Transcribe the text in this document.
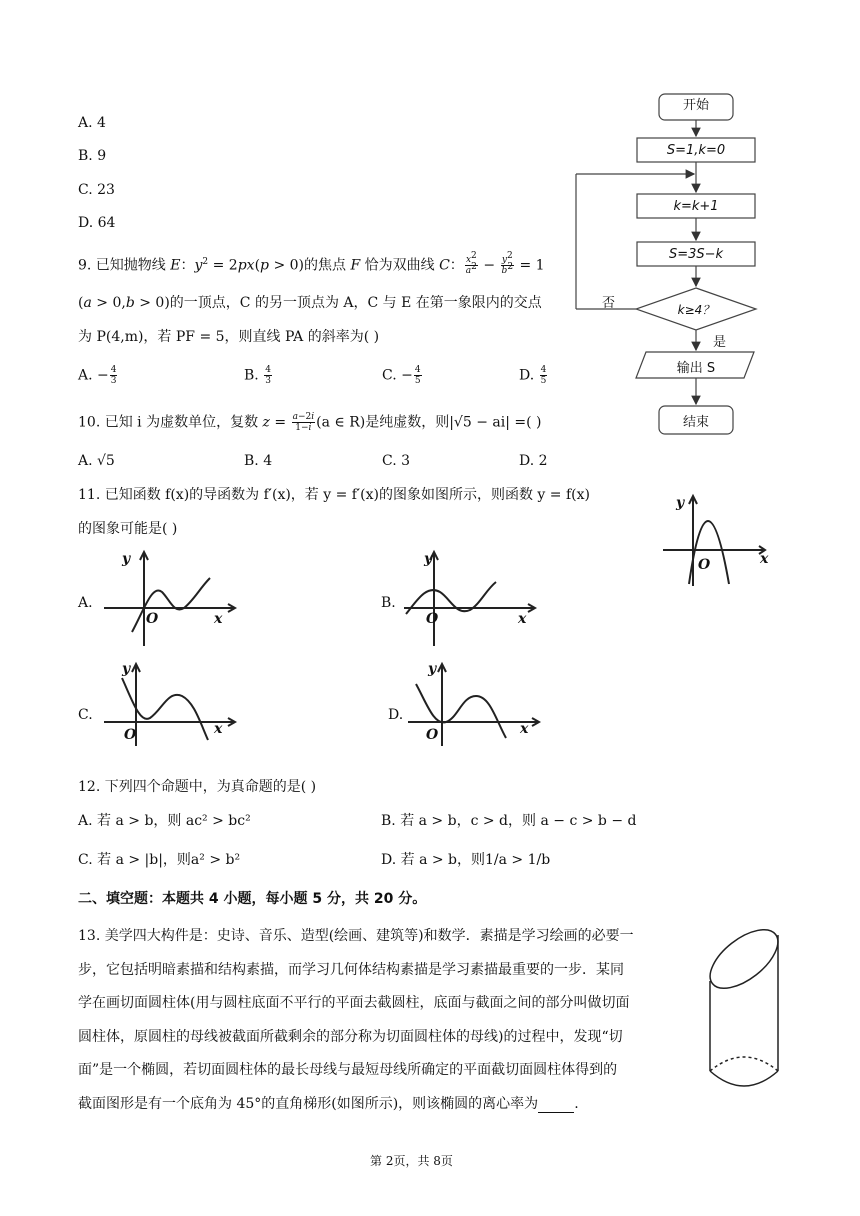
A. 4
B. 9
C. 23
D. 64
开始
S=1,k=0
k=k+1
S=3S−k
k≥4？
否
是
输出 S
结束
9. 已知抛物线 E：$y^2 = 2px(p > 0)$的焦点 F 恰为双曲线 C： $\frac{x^2}{a^2} - \frac{y^2}{b^2} = 1$
(a > 0,b > 0)的一顶点，C 的另一顶点为 A，C 与 E 在第一象限内的交点
为 P(4,m)，若 PF = 5，则直线 PA 的斜率为( )
A. − $\frac{4}{3}$	B. $\frac{4}{3}$	C. − $\frac{4}{5}$	D. $\frac{4}{5}$
10. 已知 i 为虚数单位，复数 $z = \frac{a-2i}{1-i} (a$ ∈ R)是纯虚数，则|√5 − ai| =( )
A. √5	B. 4	C. 3	D. 2
11. 已知函数 f(x)的导函数为 f′(x)，若 y = f′(x)的图象如图所示，则函数 y = f(x)
的图象可能是( )
y
x
O
A.	B.
C.	D.
y
x
O
y
x
O
y
x
O
y
x
O
12. 下列四个命题中，为真命题的是( )
A. 若 a > b，则 ac² > bc²	B. 若 a > b，c > d，则 a − c > b − d
C. 若 a > |b|，则a² > b²	D. 若 a > b，则1/a > 1/b
二、填空题：本题共 4 小题，每小题 5 分，共 20 分。
13. 美学四大构件是：史诗、音乐、造型(绘画、建筑等)和数学．素描是学习绘画的必要一
步，它包括明暗素描和结构素描，而学习几何体结构素描是学习素描最重要的一步．某同
学在画切面圆柱体(用与圆柱底面不平行的平面去截圆柱，底面与截面之间的部分叫做切面
圆柱体，原圆柱的母线被截面所截剩余的部分称为切面圆柱体的母线)的过程中，发现“切
面”是一个椭圆，若切面圆柱体的最长母线与最短母线所确定的平面截切面圆柱体得到的
截面图形是有一个底角为 45°的直角梯形(如图所示)，则该椭圆的离心率为	.
第 2页，共 8页
